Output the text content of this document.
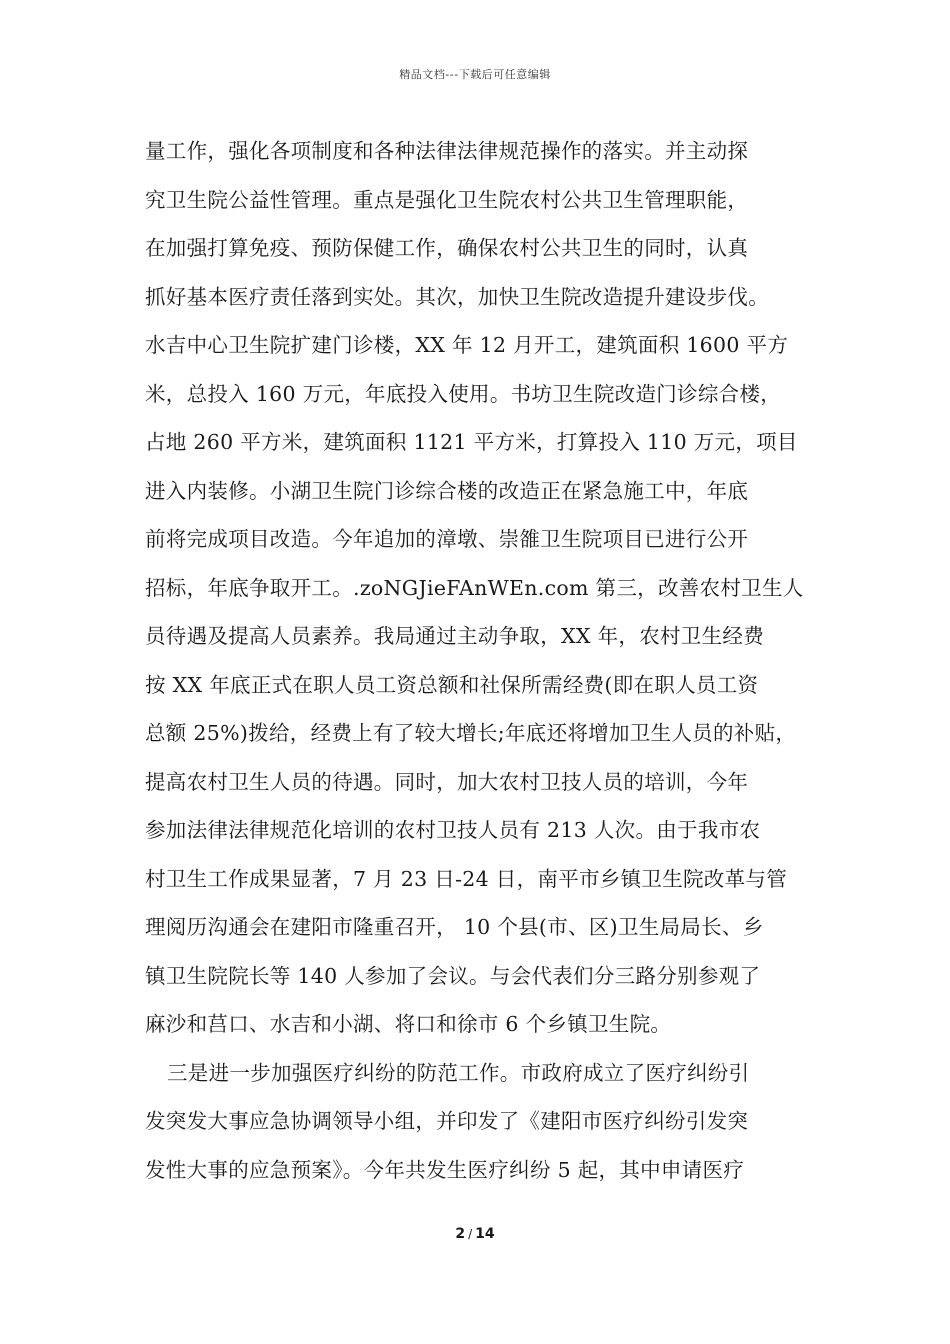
精品文档---下载后可任意编辑
量工作，强化各项制度和各种法律法律规范操作的落实。并主动探
究卫生院公益性管理。重点是强化卫生院农村公共卫生管理职能，
在加强打算免疫、预防保健工作，确保农村公共卫生的同时，认真
抓好基本医疗责任落到实处。其次，加快卫生院改造提升建设步伐。
水吉中心卫生院扩建门诊楼，XX 年 12 月开工，建筑面积 1600 平方
米，总投入 160 万元，年底投入使用。书坊卫生院改造门诊综合楼，
占地 260 平方米，建筑面积 1121 平方米，打算投入 110 万元，项目
进入内装修。小湖卫生院门诊综合楼的改造正在紧急施工中，年底
前将完成项目改造。今年追加的漳墩、崇雒卫生院项目已进行公开
招标，年底争取开工。.zoNGJieFAnWEn.com 第三，改善农村卫生人
员待遇及提高人员素养。我局通过主动争取，XX 年，农村卫生经费
按 XX 年底正式在职人员工资总额和社保所需经费(即在职人员工资
总额 25%)拨给，经费上有了较大增长;年底还将增加卫生人员的补贴，
提高农村卫生人员的待遇。同时，加大农村卫技人员的培训，今年
参加法律法律规范化培训的农村卫技人员有 213 人次。由于我市农
村卫生工作成果显著，7 月 23 日-24 日，南平市乡镇卫生院改革与管
理阅历沟通会在建阳市隆重召开， 10 个县(市、区)卫生局局长、乡
镇卫生院院长等 140 人参加了会议。与会代表们分三路分别参观了
麻沙和莒口、水吉和小湖、将口和徐市 6 个乡镇卫生院。
三是进一步加强医疗纠纷的防范工作。市政府成立了医疗纠纷引
发突发大事应急协调领导小组，并印发了《建阳市医疗纠纷引发突
发性大事的应急预案》。今年共发生医疗纠纷 5 起，其中申请医疗
2 / 14
